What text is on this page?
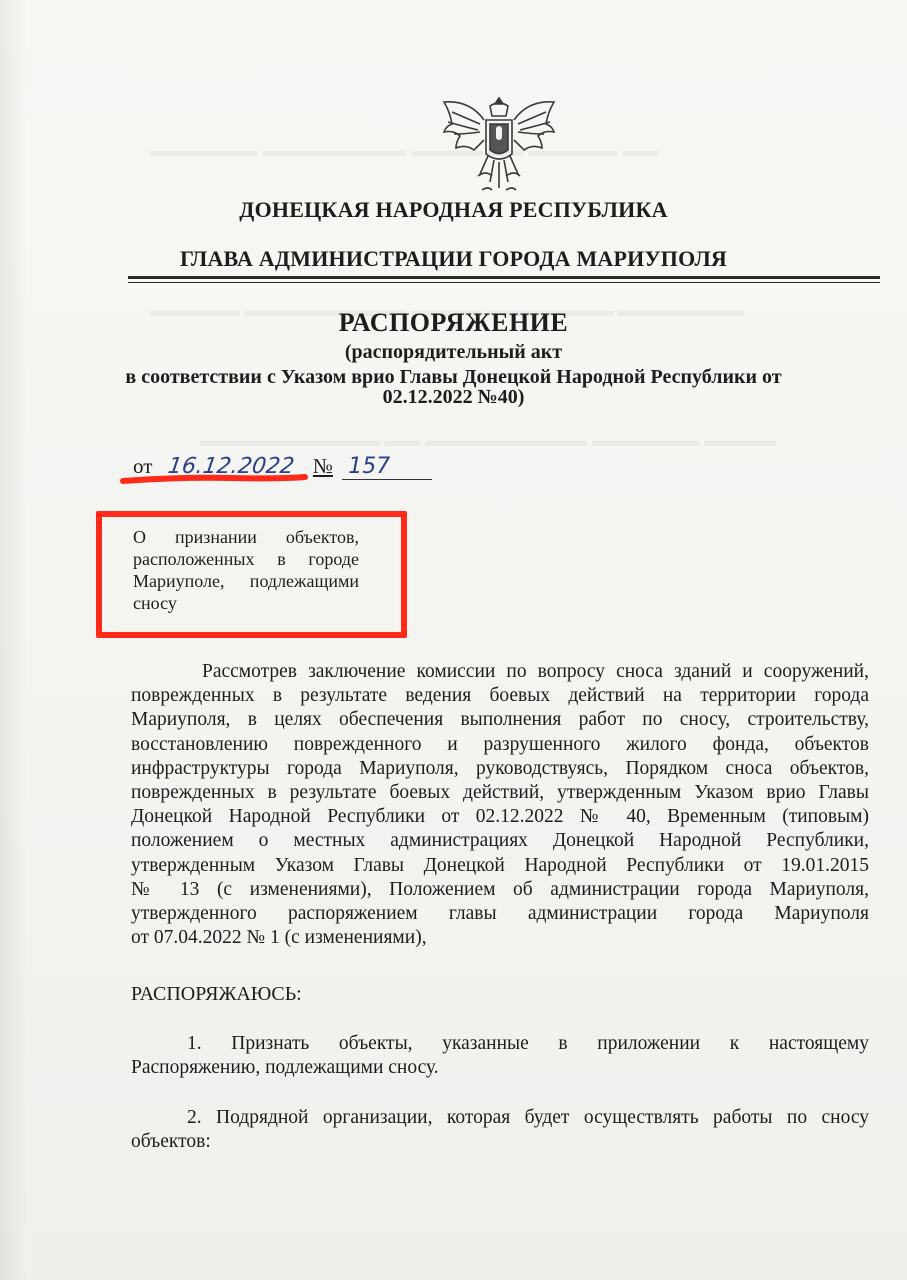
ДОНЕЦКАЯ НАРОДНАЯ РЕСПУБЛИКА
ГЛАВА АДМИНИСТРАЦИИ ГОРОДА МАРИУПОЛЯ
РАСПОРЯЖЕНИЕ
(распорядительный акт
в соответствии с Указом врио Главы Донецкой Народной Республики от
02.12.2022 №40)
от 16.12.2022 № 157
О признании объектов,
расположенных в городе
Мариуполе, подлежащими
сносу
Рассмотрев заключение комиссии по вопросу сноса зданий и сооружений,
поврежденных в результате ведения боевых действий на территории города
Мариуполя, в целях обеспечения выполнения работ по сносу, строительству,
восстановлению поврежденного и разрушенного жилого фонда, объектов
инфраструктуры города Мариуполя, руководствуясь, Порядком сноса объектов,
поврежденных в результате боевых действий, утвержденным Указом врио Главы
Донецкой Народной Республики от 02.12.2022 № 40, Временным (типовым)
положением о местных администрациях Донецкой Народной Республики,
утвержденным Указом Главы Донецкой Народной Республики от 19.01.2015
№ 13 (с изменениями), Положением об администрации города Мариуполя,
утвержденного распоряжением главы администрации города Мариуполя
от 07.04.2022 № 1 (с изменениями),
РАСПОРЯЖАЮСЬ:
1. Признать объекты, указанные в приложении к настоящему
Распоряжению, подлежащими сносу.
2. Подрядной организации, которая будет осуществлять работы по сносу
объектов:
